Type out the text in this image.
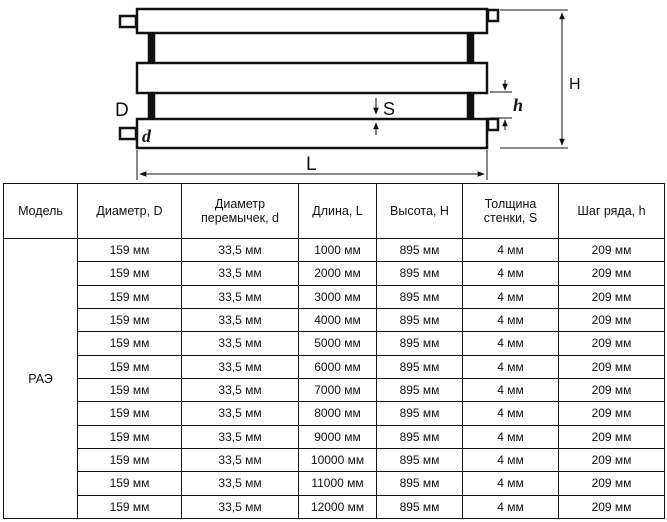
D
d
S	h
H
L
Модель	Диаметр, D	Диаметр перемычек, d	Длина, L	Высота, H	Толщина стенки, S	Шаг ряда, h
РАЭ	159 мм	33,5 мм	1000 мм	895 мм	4 мм	209 мм
	159 мм	33,5 мм	2000 мм	895 мм	4 мм	209 мм
	159 мм	33,5 мм	3000 мм	895 мм	4 мм	209 мм
	159 мм	33,5 мм	4000 мм	895 мм	4 мм	209 мм
	159 мм	33,5 мм	5000 мм	895 мм	4 мм	209 мм
	159 мм	33,5 мм	6000 мм	895 мм	4 мм	209 мм
	159 мм	33,5 мм	7000 мм	895 мм	4 мм	209 мм
	159 мм	33,5 мм	8000 мм	895 мм	4 мм	209 мм
	159 мм	33,5 мм	9000 мм	895 мм	4 мм	209 мм
	159 мм	33,5 мм	10000 мм	895 мм	4 мм	209 мм
	159 мм	33,5 мм	11000 мм	895 мм	4 мм	209 мм
	159 мм	33,5 мм	12000 мм	895 мм	4 мм	209 мм
